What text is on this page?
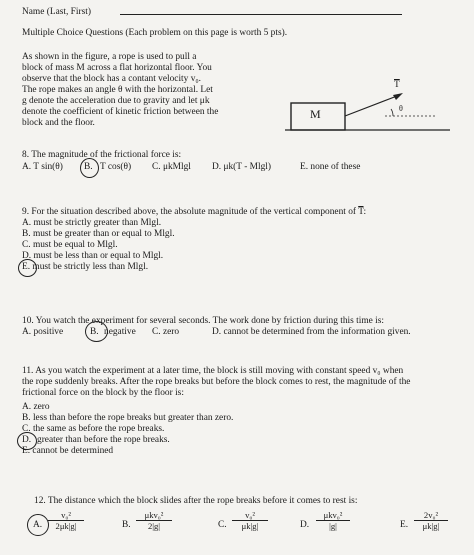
Name (Last, First)
Multiple Choice Questions (Each problem on this page is worth 5 pts).
As shown in the figure, a rope is used to pull a
block of mass M across a flat horizontal floor. You
observe that the block has a contant velocity v₀.
The rope makes an angle θ with the horizontal. Let
g denote the acceleration due to gravity and let μk
denote the coefficient of kinetic friction between the
block and the floor.
M
$\overline{T}$
θ
8. The magnitude of the frictional force is:
A. T sin(θ) B. T cos(θ) C. μkMlgl D. μk(T - Mlgl)	E. none of these
9. For the situation described above, the absolute magnitude of the vertical component of $\overline{T}$:
A. must be strictly greater than Mlgl.
B. must be greater than or equal to Mlgl.
C. must be equal to Mlgl.
D. must be less than or equal to Mlgl.
E. must be strictly less than Mlgl.
10. You watch the experiment for several seconds. The work done by friction during this time is:
A. positive	B. negative C. zero	D. cannot be determined from the information given.
11. As you watch the experiment at a later time, the block is still moving with constant speed v₀ when
the rope suddenly breaks. After the rope breaks but before the block comes to rest, the magnitude of the
frictional force on the block by the floor is:
A. zero
B. less than before the rope breaks but greater than zero.
C. the same as before the rope breaks.
D. greater than before the rope breaks.
E. cannot be determined
12. The distance which the block slides after the rope breaks before it comes to rest is:
A. $\frac{\text{v₀²}}{2\mu k|g|}$	B.
μkv₀²
2|g|	C. $\frac{\text{v₀²}}{\mu k|g|}$	D.
μkv₀²
|g|	E. $\frac{\text{2v₀²}}{\mu k|g|}$
